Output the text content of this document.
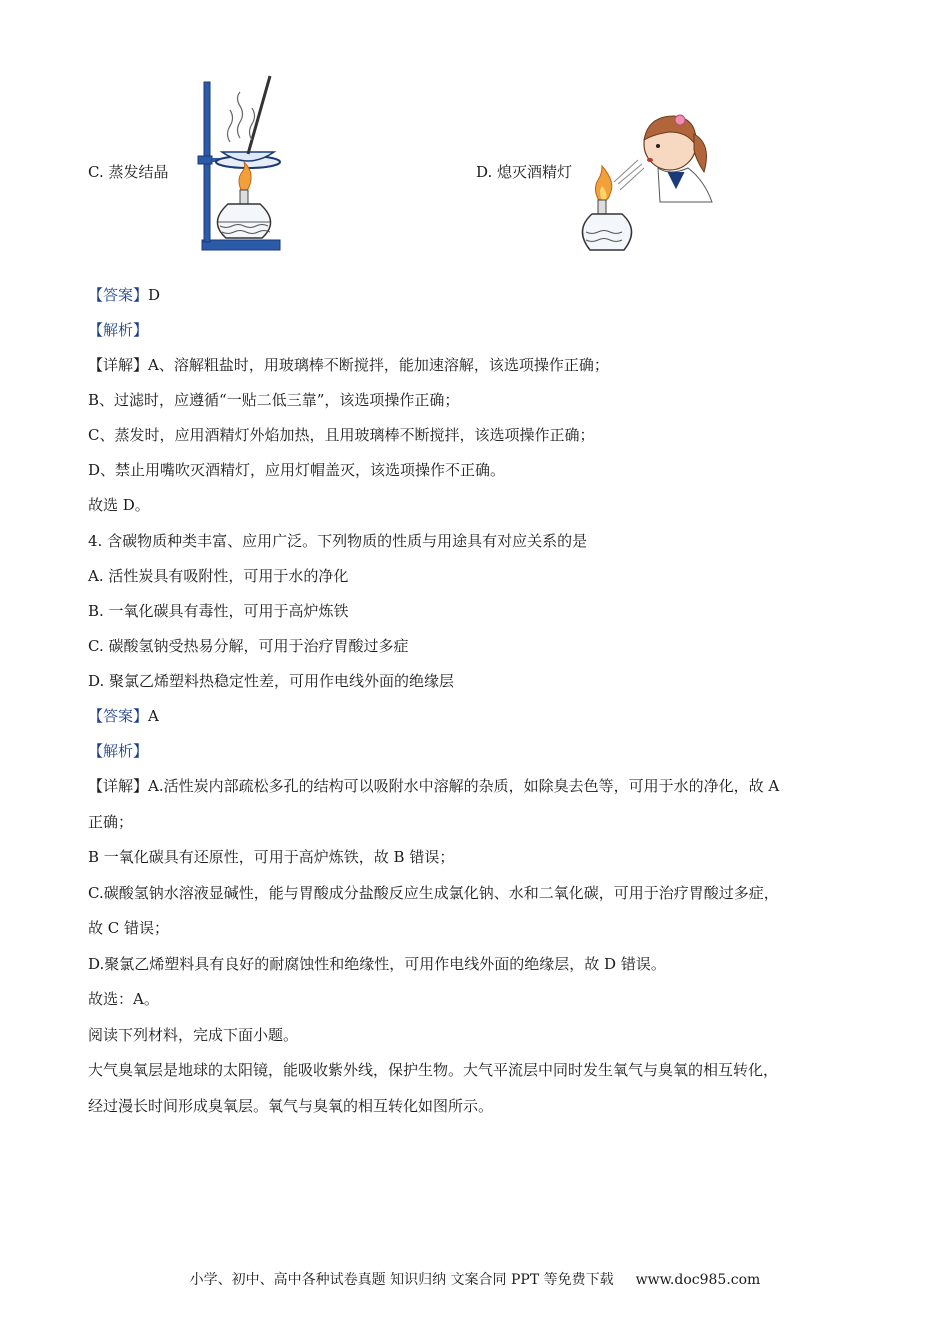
C. 蒸发结晶	D. 熄灭酒精灯
【答案】D
【解析】
【详解】A、溶解粗盐时，用玻璃棒不断搅拌，能加速溶解，该选项操作正确；
B、过滤时，应遵循“一贴二低三靠”，该选项操作正确；
C、蒸发时，应用酒精灯外焰加热，且用玻璃棒不断搅拌，该选项操作正确；
D、禁止用嘴吹灭酒精灯，应用灯帽盖灭，该选项操作不正确。
故选 D。
4. 含碳物质种类丰富、应用广泛。下列物质的性质与用途具有对应关系的是
A. 活性炭具有吸附性，可用于水的净化
B. 一氧化碳具有毒性，可用于高炉炼铁
C. 碳酸氢钠受热易分解，可用于治疗胃酸过多症
D. 聚氯乙烯塑料热稳定性差，可用作电线外面的绝缘层
【答案】A
【解析】
【详解】A.活性炭内部疏松多孔的结构可以吸附水中溶解的杂质，如除臭去色等，可用于水的净化，故 A
正确；
B 一氧化碳具有还原性，可用于高炉炼铁，故 B 错误；
C.碳酸氢钠水溶液显碱性，能与胃酸成分盐酸反应生成氯化钠、水和二氧化碳，可用于治疗胃酸过多症，
故 C 错误；
D.聚氯乙烯塑料具有良好的耐腐蚀性和绝缘性，可用作电线外面的绝缘层，故 D 错误。
故选：A。
阅读下列材料，完成下面小题。
大气臭氧层是地球的太阳镜，能吸收紫外线，保护生物。大气平流层中同时发生氧气与臭氧的相互转化，
经过漫长时间形成臭氧层。氧气与臭氧的相互转化如图所示。
小学、初中、高中各种试卷真题 知识归纳 文案合同 PPT 等免费下载 www.doc985.com
